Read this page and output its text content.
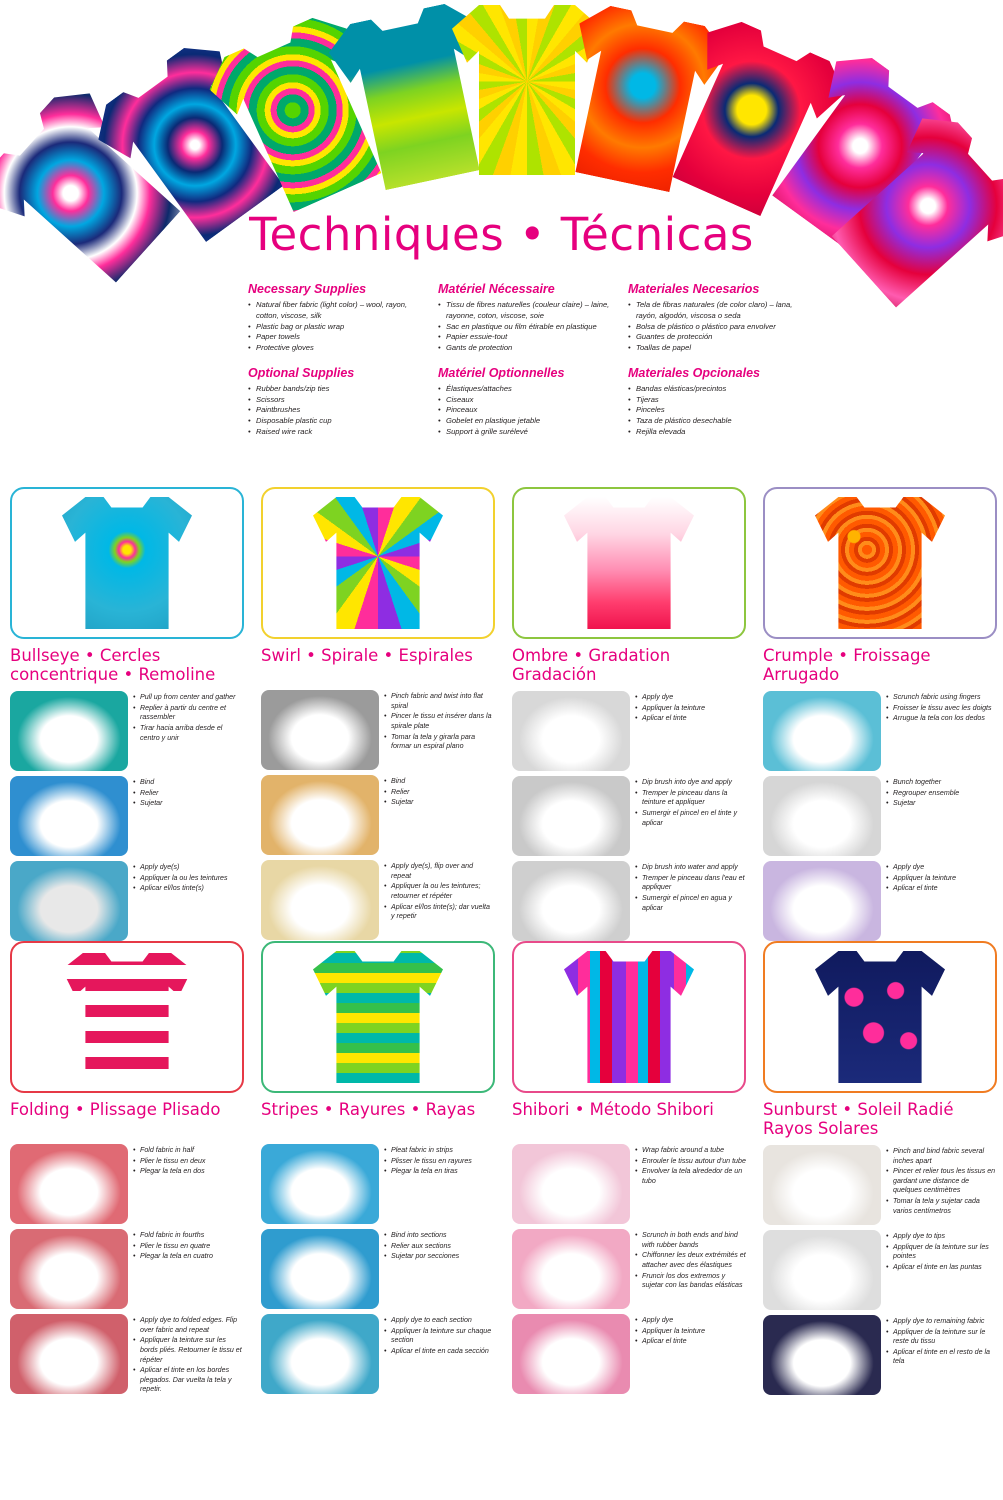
Techniques • Técnicas
Necessary Supplies
• Natural fiber fabric (light color) – wool, rayon, cotton, viscose, silk
• Plastic bag or plastic wrap
• Paper towels
• Protective gloves
Optional Supplies
• Rubber bands/zip ties
• Scissors
• Paintbrushes
• Disposable plastic cup
• Raised wire rack
Matériel Nécessaire
• Tissu de fibres naturelles (couleur claire) – laine, rayonne, coton, viscose, soie
• Sac en plastique ou film étirable en plastique
• Papier essuie-tout
• Gants de protection
Matériel Optionnelles
• Élastiques/attaches
• Ciseaux
• Pinceaux
• Gobelet en plastique jetable
• Support à grille surélevé
Materiales Necesarios
• Tela de fibras naturales (de color claro) – lana, rayón, algodón, viscosa o seda
• Bolsa de plástico o plástico para envolver
• Guantes de protección
• Toallas de papel
Materiales Opcionales
• Bandas elásticas/precintos
• Tijeras
• Pinceles
• Taza de plástico desechable
• Rejilla elevada
Bullseye • Cercles concentrique • Remoline
• Pull up from center and gather
• Replier à partir du centre et rassembler
• Tirar hacia arriba desde el centro y unir
• Bind
• Relier
• Sujetar
• Apply dye(s)
• Appliquer la ou les teintures
• Aplicar el/los tinte(s)
Swirl • Spirale • Espirales
• Pinch fabric and twist into flat spiral
• Pincer le tissu et insérer dans la spirale plate
• Tomar la tela y girarla para formar un espiral plano
• Bind
• Relier
• Sujetar
• Apply dye(s), flip over and repeat
• Appliquer la ou les teintures; retourner et répéter
• Aplicar el/los tinte(s); dar vuelta y repetir
Ombre • Gradation Gradación
• Apply dye
• Appliquer la teinture
• Aplicar el tinte
• Dip brush into dye and apply
• Tremper le pinceau dans la teinture et appliquer
• Sumergir el pincel en el tinte y aplicar
• Dip brush into water and apply
• Tremper le pinceau dans l'eau et appliquer
• Sumergir el pincel en agua y aplicar
Crumple • Froissage Arrugado
• Scrunch fabric using fingers
• Froisser le tissu avec les doigts
• Arrugue la tela con los dedos
• Bunch together
• Regrouper ensemble
• Sujetar
• Apply dye
• Appliquer la teinture
• Aplicar el tinte
Folding • Plissage Plisado
• Fold fabric in half
• Plier le tissu en deux
• Plegar la tela en dos
• Fold fabric in fourths
• Plier le tissu en quatre
• Plegar la tela en cuatro
• Apply dye to folded edges. Flip over fabric and repeat
• Appliquer la teinture sur les bords pliés. Retourner le tissu et répéter
• Aplicar el tinte en los bordes plegados. Dar vuelta la tela y repetir.
Stripes • Rayures • Rayas
• Pleat fabric in strips
• Plisser le tissu en rayures
• Plegar la tela en tiras
• Bind into sections
• Relier aux sections
• Sujetar por secciones
• Apply dye to each section
• Appliquer la teinture sur chaque section
• Aplicar el tinte en cada sección
Shibori • Método Shibori
• Wrap fabric around a tube
• Enrouler le tissu autour d'un tube
• Envolver la tela alrededor de un tubo
• Scrunch in both ends and bind with rubber bands
• Chiffonner les deux extrémités et attacher avec des élastiques
• Fruncir los dos extremos y sujetar con las bandas elásticas
• Apply dye
• Appliquer la teinture
• Aplicar el tinte
Sunburst • Soleil Radié Rayos Solares
• Pinch and bind fabric several inches apart
• Pincer et relier tous les tissus en gardant une distance de quelques centimètres
• Tomar la tela y sujetar cada varios centímetros
• Apply dye to tips
• Appliquer de la teinture sur les pointes
• Aplicar el tinte en las puntas
• Apply dye to remaining fabric
• Appliquer de la teinture sur le reste du tissu
• Aplicar el tinte en el resto de la tela
